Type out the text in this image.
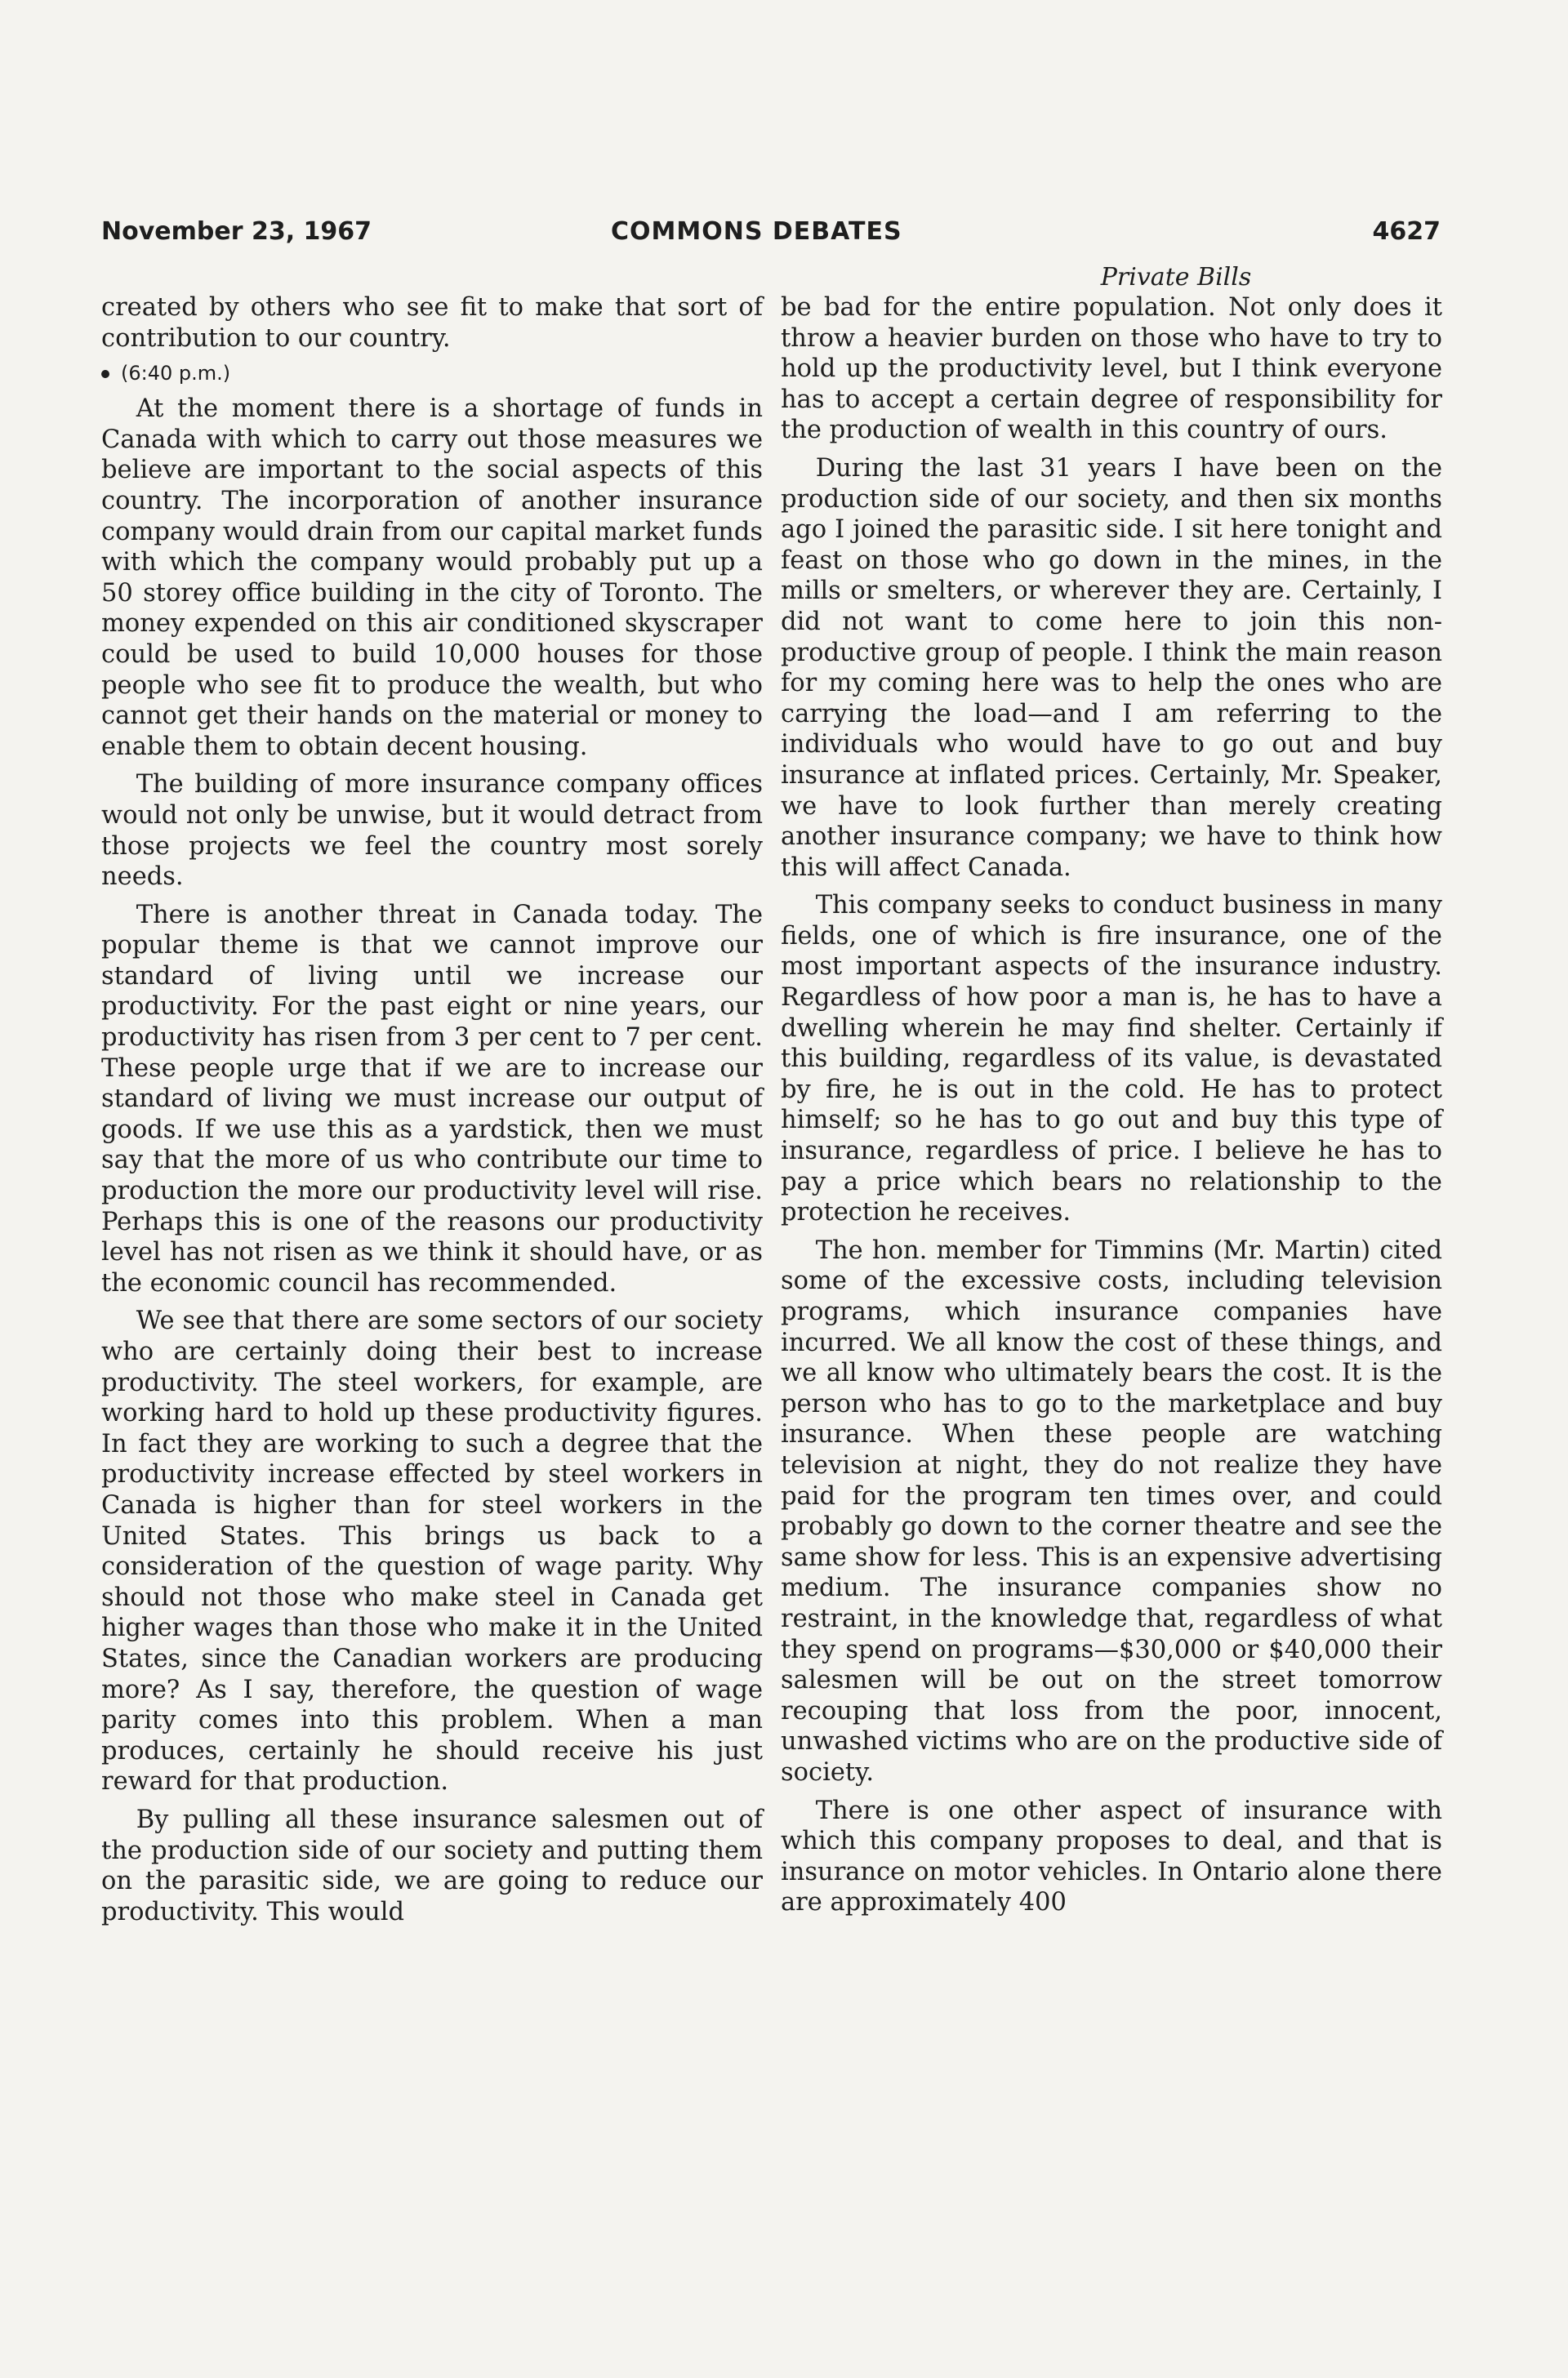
November 23, 1967	COMMONS DEBATES	4627
Private Bills

created by others who see fit to make that sort of contribution to our country.

(6:40 p.m.)

At the moment there is a shortage of funds in Canada with which to carry out those measures we believe are important to the social aspects of this country. The incorporation of another insurance company would drain from our capital market funds with which the company would probably put up a 50 storey office building in the city of Toronto. The money expended on this air conditioned skyscraper could be used to build 10,000 houses for those people who see fit to produce the wealth, but who cannot get their hands on the material or money to enable them to obtain decent housing.

The building of more insurance company offices would not only be unwise, but it would detract from those projects we feel the country most sorely needs.

There is another threat in Canada today. The popular theme is that we cannot improve our standard of living until we increase our productivity. For the past eight or nine years, our productivity has risen from 3 per cent to 7 per cent. These people urge that if we are to increase our standard of living we must increase our output of goods. If we use this as a yardstick, then we must say that the more of us who contribute our time to production the more our productivity level will rise. Perhaps this is one of the reasons our productivity level has not risen as we think it should have, or as the economic council has recommended.

We see that there are some sectors of our society who are certainly doing their best to increase productivity. The steel workers, for example, are working hard to hold up these productivity figures. In fact they are working to such a degree that the productivity increase effected by steel workers in Canada is higher than for steel workers in the United States. This brings us back to a consideration of the question of wage parity. Why should not those who make steel in Canada get higher wages than those who make it in the United States, since the Canadian workers are producing more? As I say, therefore, the question of wage parity comes into this problem. When a man produces, certainly he should receive his just reward for that production.

By pulling all these insurance salesmen out of the production side of our society and putting them on the parasitic side, we are going to reduce our productivity. This would

be bad for the entire population. Not only does it throw a heavier burden on those who have to try to hold up the productivity level, but I think everyone has to accept a certain degree of responsibility for the production of wealth in this country of ours.

During the last 31 years I have been on the production side of our society, and then six months ago I joined the parasitic side. I sit here tonight and feast on those who go down in the mines, in the mills or smelters, or wherever they are. Certainly, I did not want to come here to join this non-productive group of people. I think the main reason for my coming here was to help the ones who are carrying the load—and I am referring to the individuals who would have to go out and buy insurance at inflated prices. Certainly, Mr. Speaker, we have to look further than merely creating another insurance company; we have to think how this will affect Canada.

This company seeks to conduct business in many fields, one of which is fire insurance, one of the most important aspects of the insurance industry. Regardless of how poor a man is, he has to have a dwelling wherein he may find shelter. Certainly if this building, regardless of its value, is devastated by fire, he is out in the cold. He has to protect himself; so he has to go out and buy this type of insurance, regardless of price. I believe he has to pay a price which bears no relationship to the protection he receives.

The hon. member for Timmins (Mr. Martin) cited some of the excessive costs, including television programs, which insurance companies have incurred. We all know the cost of these things, and we all know who ultimately bears the cost. It is the person who has to go to the marketplace and buy insurance. When these people are watching television at night, they do not realize they have paid for the program ten times over, and could probably go down to the corner theatre and see the same show for less. This is an expensive advertising medium. The insurance companies show no restraint, in the knowledge that, regardless of what they spend on programs—$30,000 or $40,000 their salesmen will be out on the street tomorrow recouping that loss from the poor, innocent, unwashed victims who are on the productive side of society.

There is one other aspect of insurance with which this company proposes to deal, and that is insurance on motor vehicles. In Ontario alone there are approximately 400
